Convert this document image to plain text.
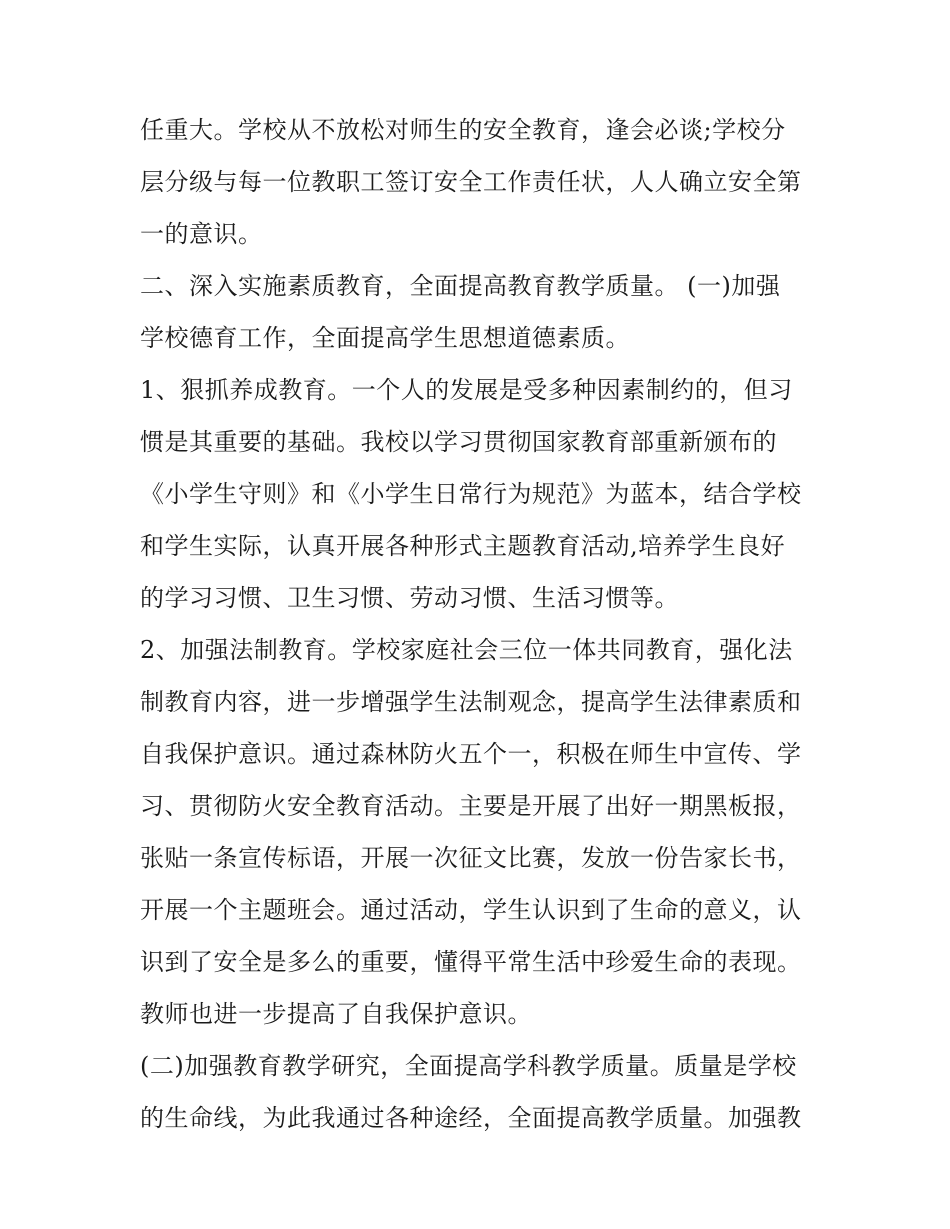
任重大。学校从不放松对师生的安全教育，逢会必谈;学校分
层分级与每一位教职工签订安全工作责任状，人人确立安全第
一的意识。
二、深入实施素质教育，全面提高教育教学质量。 (一)加强
学校德育工作，全面提高学生思想道德素质。
1、狠抓养成教育。一个人的发展是受多种因素制约的，但习
惯是其重要的基础。我校以学习贯彻国家教育部重新颁布的
《小学生守则》和《小学生日常行为规范》为蓝本，结合学校
和学生实际，认真开展各种形式主题教育活动,培养学生良好
的学习习惯、卫生习惯、劳动习惯、生活习惯等。
2、加强法制教育。学校家庭社会三位一体共同教育，强化法
制教育内容，进一步增强学生法制观念，提高学生法律素质和
自我保护意识。通过森林防火五个一，积极在师生中宣传、学
习、贯彻防火安全教育活动。主要是开展了出好一期黑板报，
张贴一条宣传标语，开展一次征文比赛，发放一份告家长书，
开展一个主题班会。通过活动，学生认识到了生命的意义，认
识到了安全是多么的重要，懂得平常生活中珍爱生命的表现。
教师也进一步提高了自我保护意识。
(二)加强教育教学研究，全面提高学科教学质量。质量是学校
的生命线，为此我通过各种途经，全面提高教学质量。加强教
